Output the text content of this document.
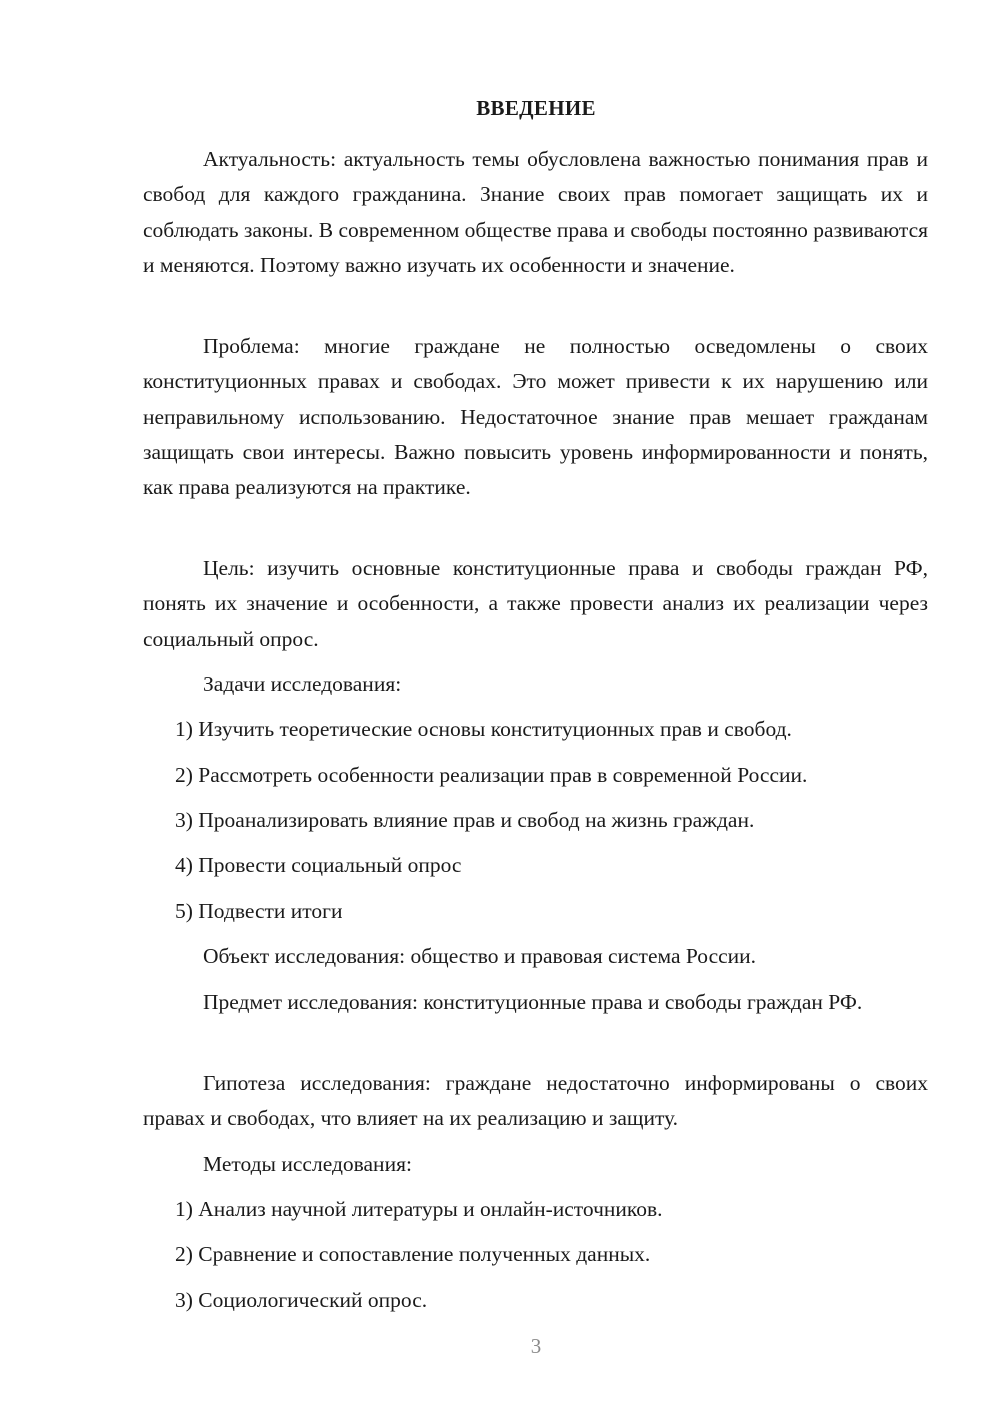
ВВЕДЕНИЕ

Актуальность: актуальность темы обусловлена важностью понимания прав и свобод для каждого гражданина. Знание своих прав помогает защищать их и соблюдать законы. В современном обществе права и свободы постоянно развиваются и меняются. Поэтому важно изучать их особенности и значение.

Проблема: многие граждане не полностью осведомлены о своих конституционных правах и свободах. Это может привести к их нарушению или неправильному использованию. Недостаточное знание прав мешает гражданам защищать свои интересы. Важно повысить уровень информированности и понять, как права реализуются на практике.

Цель: изучить основные конституционные права и свободы граждан РФ, понять их значение и особенности, а также провести анализ их реализации через социальный опрос.

Задачи исследования:
1) Изучить теоретические основы конституционных прав и свобод.
2) Рассмотреть особенности реализации прав в современной России.
3) Проанализировать влияние прав и свобод на жизнь граждан.
4) Провести социальный опрос
5) Подвести итоги
Объект исследования: общество и правовая система России.

Предмет исследования: конституционные права и свободы граждан РФ.

Гипотеза исследования: граждане недостаточно информированы о своих правах и свободах, что влияет на их реализацию и защиту.

Методы исследования:
1) Анализ научной литературы и онлайн-источников.
2) Сравнение и сопоставление полученных данных.
3) Социологический опрос.
3
